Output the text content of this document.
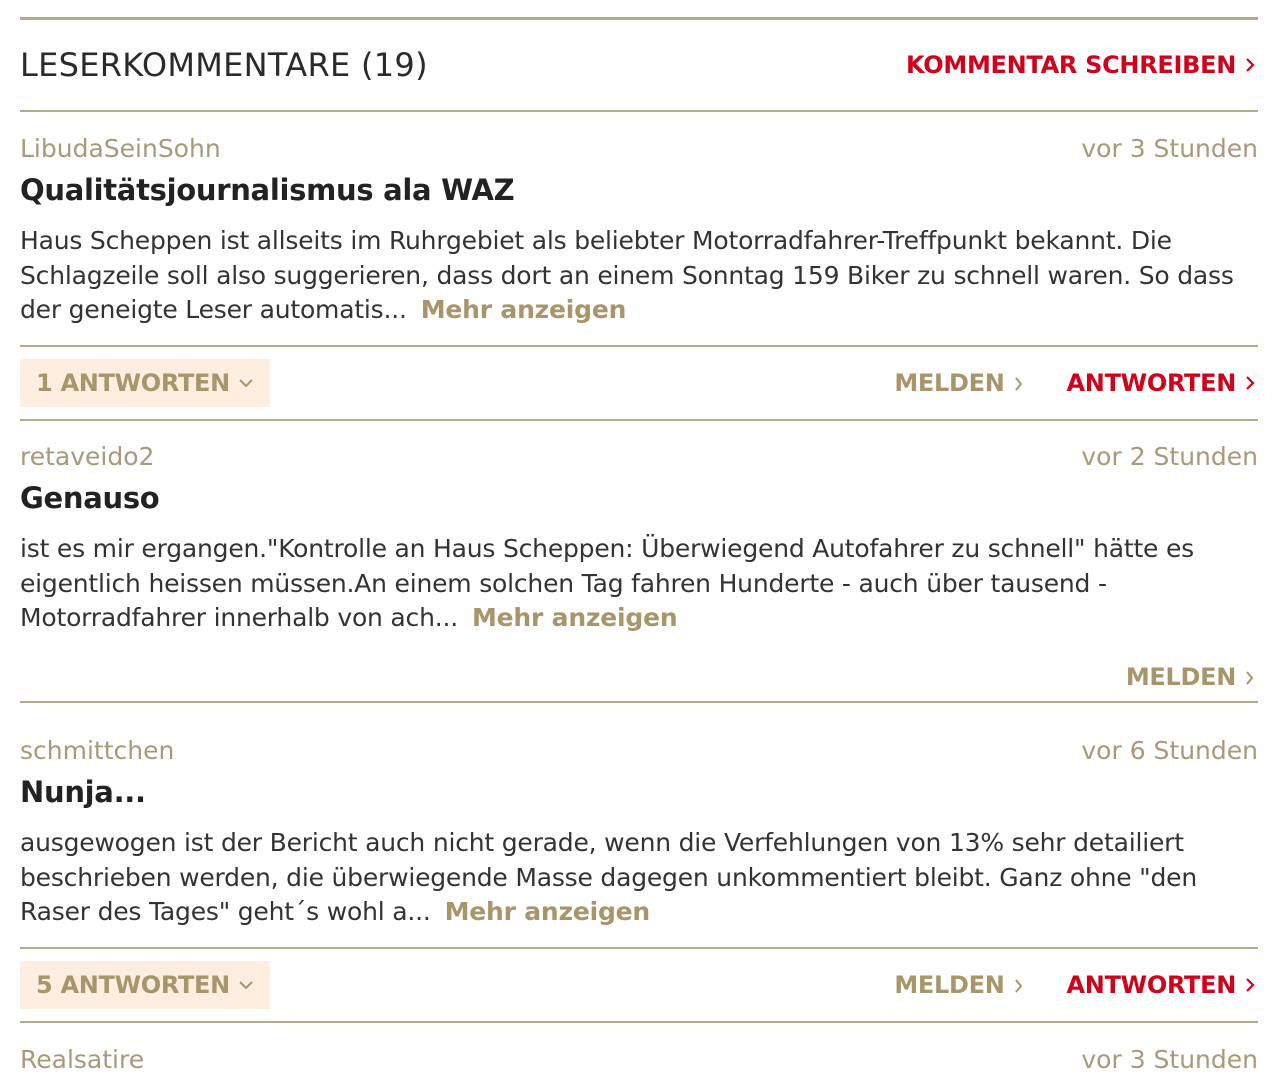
LESERKOMMENTARE (19)	KOMMENTAR SCHREIBEN
LibudaSeinSohn	vor 3 Stunden
Qualitätsjournalismus ala WAZ
Haus Scheppen ist allseits im Ruhrgebiet als beliebter Motorradfahrer-Treffpunkt bekannt. Die Schlagzeile soll also suggerieren, dass dort an einem Sonntag 159 Biker zu schnell waren. So dass der geneigte Leser automatis... Mehr anzeigen
1 ANTWORTEN	MELDEN	ANTWORTEN
retaveido2	vor 2 Stunden
Genauso
ist es mir ergangen."Kontrolle an Haus Scheppen: Überwiegend Autofahrer zu schnell" hätte es eigentlich heissen müssen.An einem solchen Tag fahren Hunderte - auch über tausend - Motorradfahrer innerhalb von ach... Mehr anzeigen
MELDEN
schmittchen	vor 6 Stunden
Nunja...
ausgewogen ist der Bericht auch nicht gerade, wenn die Verfehlungen von 13% sehr detailiert beschrieben werden, die überwiegende Masse dagegen unkommentiert bleibt. Ganz ohne "den Raser des Tages" geht´s wohl a... Mehr anzeigen
5 ANTWORTEN	MELDEN	ANTWORTEN
Realsatire	vor 3 Stunden
